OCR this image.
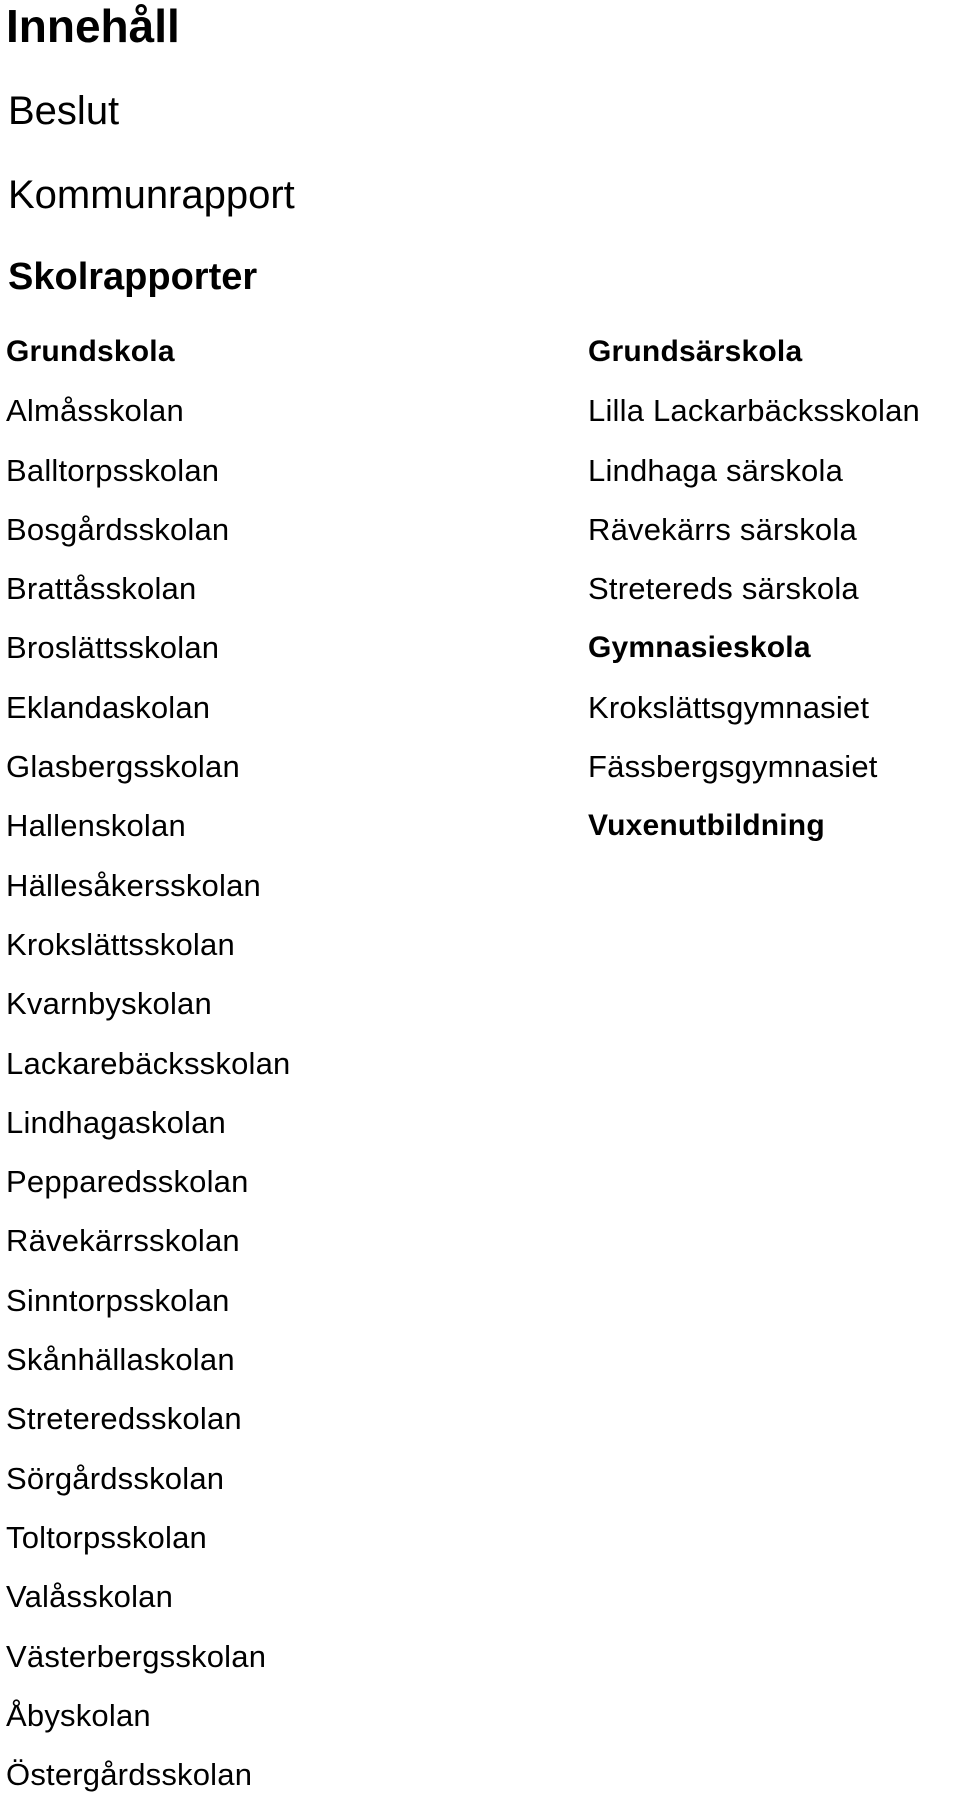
Innehåll
Beslut
Kommunrapport
Skolrapporter
Grundskola
Almåsskolan
Balltorpsskolan
Bosgårdsskolan
Brattåsskolan
Broslättsskolan
Eklandaskolan
Glasbergsskolan
Hallenskolan
Hällesåkersskolan
Krokslättsskolan
Kvarnbyskolan
Lackarebäcksskolan
Lindhagaskolan
Pepparedsskolan
Rävekärrsskolan
Sinntorpsskolan
Skånhällaskolan
Streteredsskolan
Sörgårdsskolan
Toltorpsskolan
Valåsskolan
Västerbergsskolan
Åbyskolan
Östergårdsskolan
Grundsärskola
Lilla Lackarbäcksskolan
Lindhaga särskola
Rävekärrs särskola
Stretereds särskola
Gymnasieskola
Krokslättsgymnasiet
Fässbergsgymnasiet
Vuxenutbildning
